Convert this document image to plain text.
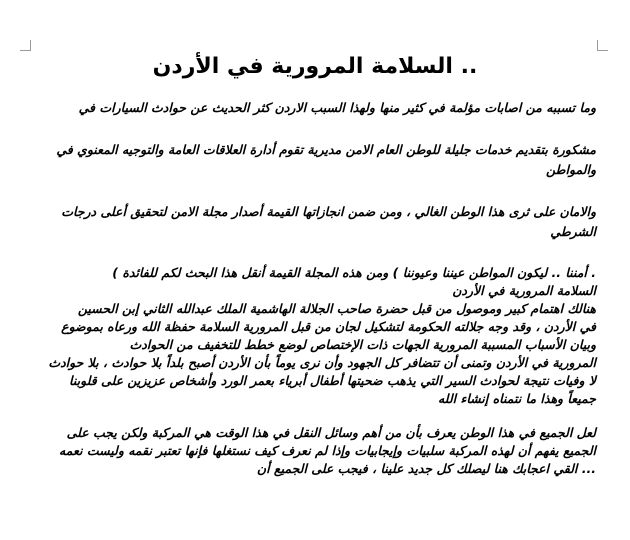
.. السلامة المرورية في الأردن

وما تسببه من اصابات مؤلمة في كثير منها ولهذا السبب الاردن كثر الحديث عن حوادث السيارات في

مشكورة بتقديم خدمات جليلة للوطن العام الامن مديرية تقوم أدارة العلاقات العامة والتوجيه المعنوي في والمواطن

والامان على ثرى هذا الوطن الغالي ، ومن ضمن انجازاتها القيمة أصدار مجلة الامن لتحقيق أعلى درجات الشرطي

. أمننا .. ليكون المواطن عيننا وعيوننا ) ومن هذه المجلة القيمة أنقل هذا البحث لكم للفائدة )

السلامة المرورية في الأردن

هنالك اهتمام كبير وموصول من قبل حضرة صاحب الجلالة الهاشمية الملك عبدالله الثاني إبن الحسين

في الأردن ، وقد وجه جلالته الحكومة لتشكيل لجان من قبل المرورية السلامة حفظة الله ورعاه بموضوع

وبيان الأسباب المسببة المرورية الجهات ذات الإختصاص لوضع خطط للتخفيف من الحوادث

المرورية في الأردن وتمنى أن تتضافر كل الجهود وأن نرى يوماً بأن الأردن أصبح بلداً بلا حوادث ، بلا حوادث

لا وفيات نتيجة لحوادث السير التي يذهب ضحيتها أطفال أبرياء بعمر الورد وأشخاص عزيزين على قلوبنا

جميعاً وهذا ما نتمناه إنشاء الله

لعل الجميع في هذا الوطن يعرف بأن من أهم وسائل النقل في هذا الوقت هي المركبة ولكن يجب على

الجميع يفهم أن لهذه المركبة سلبيات وإيجابيات وإذا لم نعرف كيف نستغلها فإنها تعتبر نقمه وليست نعمه

... القي اعجابك هنا ليصلك كل جديد علينا ، فيجب على الجميع أن
